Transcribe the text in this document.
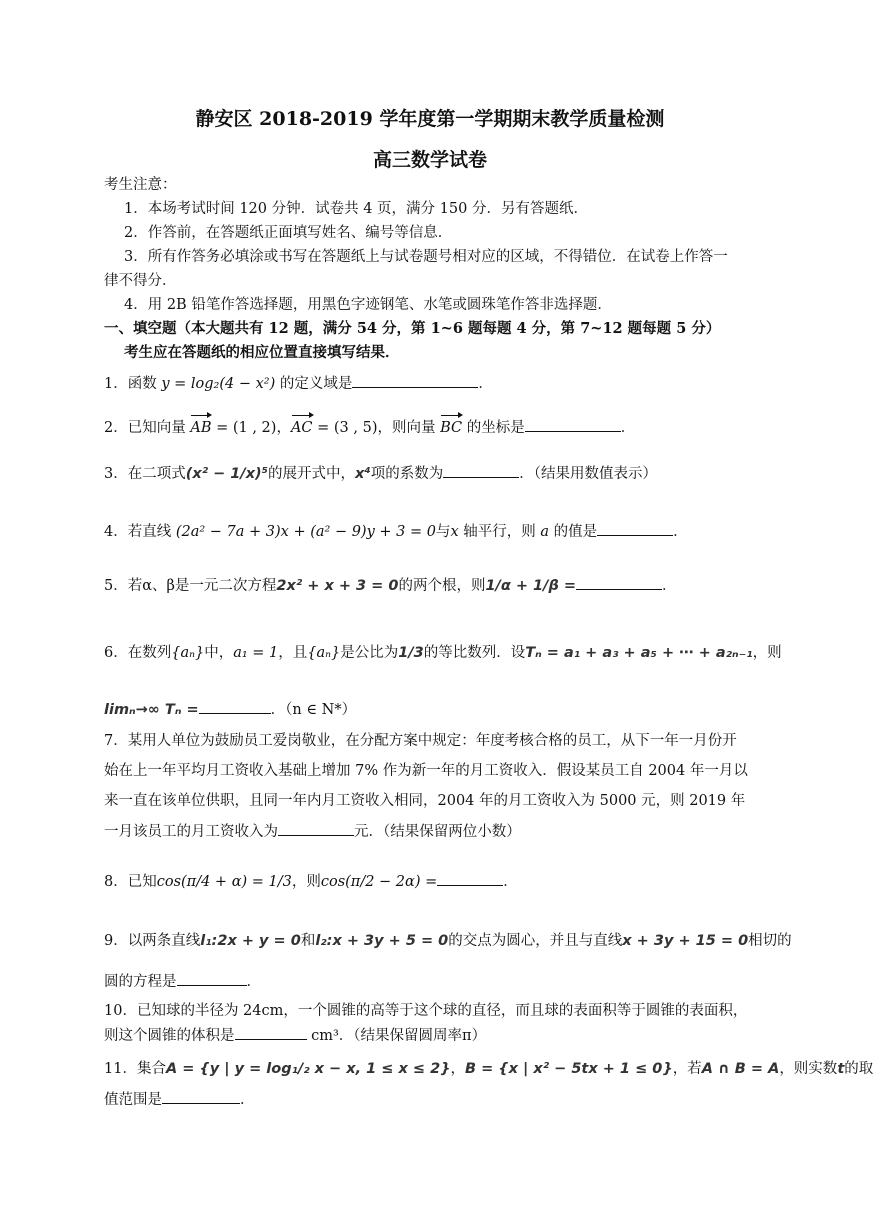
静安区 2018-2019 学年度第一学期期末教学质量检测
高三数学试卷
考生注意：
1．本场考试时间 120 分钟．试卷共 4 页，满分 150 分．另有答题纸．
2．作答前，在答题纸正面填写姓名、编号等信息．
3．所有作答务必填涂或书写在答题纸上与试卷题号相对应的区域，不得错位．在试卷上作答一
律不得分．
4．用 2B 铅笔作答选择题，用黑色字迹钢笔、水笔或圆珠笔作答非选择题．
一、填空题（本大题共有 12 题，满分 54 分，第 1~6 题每题 4 分，第 7~12 题每题 5 分）
考生应在答题纸的相应位置直接填写结果．
1．函数 y = log₂(4 − x²) 的定义域是	．
2．已知向量 AB = (1 , 2)，AC = (3 , 5)，则向量 BC 的坐标是	．
3．在二项式(x² − 1/x)⁵的展开式中，x⁴项的系数为	．（结果用数值表示）
4．若直线 (2a² − 7a + 3)x + (a² − 9)y + 3 = 0与x 轴平行，则 a 的值是	．
5．若α、β是一元二次方程2x² + x + 3 = 0的两个根，则1/α + 1/β =	．
6．在数列{aₙ}中，a₁ = 1，且{aₙ}是公比为1/3的等比数列．设Tₙ = a₁ + a₃ + a₅ + ⋯ + a₂ₙ₋₁，则
limₙ→∞ Tₙ =	．（n ∈ N*）
7．某用人单位为鼓励员工爱岗敬业，在分配方案中规定：年度考核合格的员工，从下一年一月份开
始在上一年平均月工资收入基础上增加 7% 作为新一年的月工资收入．假设某员工自 2004 年一月以
来一直在该单位供职，且同一年内月工资收入相同，2004 年的月工资收入为 5000 元，则 2019 年
一月该员工的月工资收入为	元．（结果保留两位小数）
8．已知cos(π/4 + α) = 1/3，则cos(π/2 − 2α) =	．
9．以两条直线l₁:2x + y = 0和l₂:x + 3y + 5 = 0的交点为圆心，并且与直线x + 3y + 15 = 0相切的
圆的方程是	．
10．已知球的半径为 24cm，一个圆锥的高等于这个球的直径，而且球的表面积等于圆锥的表面积，
则这个圆锥的体积是	cm³．（结果保留圆周率π）
11．集合A = {y | y = log₁/₂ x − x, 1 ≤ x ≤ 2}，B = {x | x² − 5tx + 1 ≤ 0}，若A ∩ B = A，则实数t的取
值范围是	．
